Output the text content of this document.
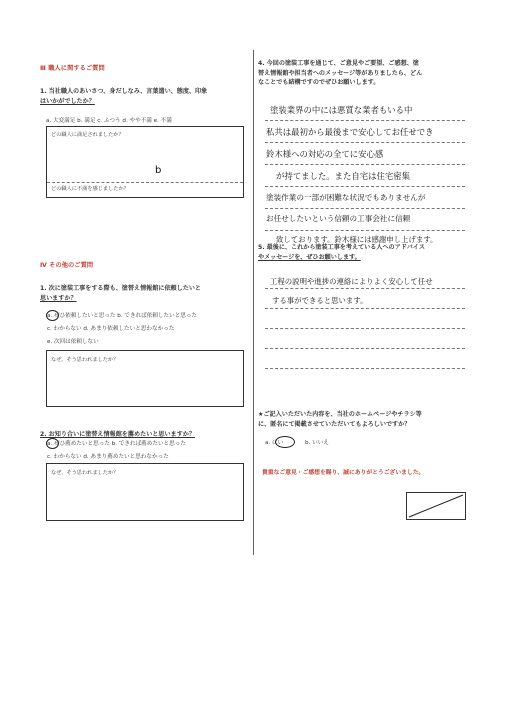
Ⅲ 職人に関するご質問
1. 当社職人のあいさつ、身だしなみ、言葉遣い、態度、印象
はいかがでしたか？
a. 大変満足 b. 満足 c. ふつう d. やや不満 e. 不満
どの職人に満足されましたか？
b
どの職人に不満を感じましたか？
Ⅳ その他のご質問
1. 次に塗装工事をする際も、塗替え情報館に依頼したいと
思いますか？
a. ぜひ依頼したいと思った b. できれば依頼したいと思った
c. わからない d. あまり依頼したいと思わなかった
e. 次回は依頼しない
なぜ、そう思われましたか？
2. お知り合いに塗替え情報館を薦めたいと思いますか？
a. ぜひ薦めたいと思った b. できれば薦めたいと思った
c. わからない d. あまり薦めたいと思わなかった
なぜ、そう思われましたか？
4. 今回の塗装工事を通じて、ご意見やご要望、ご感想、塗
替え情報館や担当者へのメッセージ等がありましたら、どん
なことでも結構ですのでぜひお願いします。
塗装業界の中には悪質な業者もいる中
私共は最初から最後まで安心してお任せでき
鈴木様への対応の全てに安心感
が持てました。また自宅は住宅密集
塗装作業の一部が困難な状況でもありませんが
お任せしたいという信頼の工事会社に信頼
致しております。鈴木様には感謝申し上げます。
5. 最後に、これから塗装工事を考えている人へのアドバイス
やメッセージを、ぜひお願いします。
工程の説明や進捗の連絡によりよく安心して任せ
する事ができると思います。
★ご記入いただいた内容を、当社のホームページやチラシ等
に、匿名にて掲載させていただいてもよろしいですか？
a. はい	b. いいえ
貴重なご意見・ご感想を賜り、誠にありがとうございました。
